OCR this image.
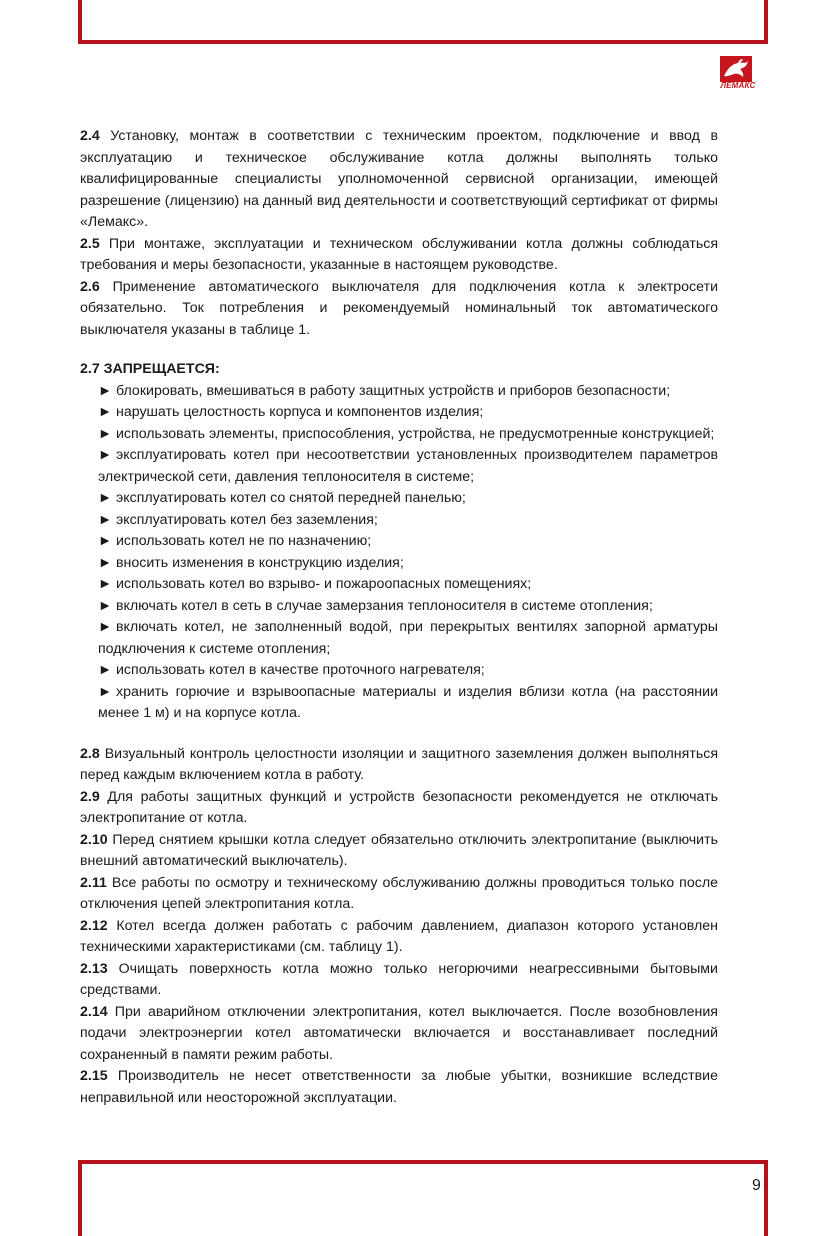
ЛЕМАКС

2.4 Установку, монтаж в соответствии с техническим проектом, подключение и ввод в эксплуатацию и техническое обслуживание котла должны выполнять только квалифицированные специалисты уполномоченной сервисной организации, имеющей разрешение (лицензию) на данный вид деятельности и соответствующий сертификат от фирмы «Лемакс».

2.5 При монтаже, эксплуатации и техническом обслуживании котла должны соблюдаться требования и меры безопасности, указанные в настоящем руководстве.

2.6 Применение автоматического выключателя для подключения котла к электросети обязательно. Ток потребления и рекомендуемый номинальный ток автоматического выключателя указаны в таблице 1.

2.7 ЗАПРЕЩАЕТСЯ:

► блокировать, вмешиваться в работу защитных устройств и приборов безопасности;
► нарушать целостность корпуса и компонентов изделия;
► использовать элементы, приспособления, устройства, не предусмотренные конструкцией;
► эксплуатировать котел при несоответствии установленных производителем параметров электрической сети, давления теплоносителя в системе;
► эксплуатировать котел со снятой передней панелью;
► эксплуатировать котел без заземления;
► использовать котел не по назначению;
► вносить изменения в конструкцию изделия;
► использовать котел во взрыво- и пожароопасных помещениях;
► включать котел в сеть в случае замерзания теплоносителя в системе отопления;
► включать котел, не заполненный водой, при перекрытых вентилях запорной арматуры подключения к системе отопления;
► использовать котел в качестве проточного нагревателя;
► хранить горючие и взрывоопасные материалы и изделия вблизи котла (на расстоянии менее 1 м) и на корпусе котла.

2.8 Визуальный контроль целостности изоляции и защитного заземления должен выполняться перед каждым включением котла в работу.

2.9 Для работы защитных функций и устройств безопасности рекомендуется не отключать электропитание от котла.

2.10 Перед снятием крышки котла следует обязательно отключить электропитание (выключить внешний автоматический выключатель).

2.11 Все работы по осмотру и техническому обслуживанию должны проводиться только после отключения цепей электропитания котла.

2.12 Котел всегда должен работать с рабочим давлением, диапазон которого установлен техническими характеристиками (см. таблицу 1).

2.13 Очищать поверхность котла можно только негорючими неагрессивными бытовыми средствами.

2.14 При аварийном отключении электропитания, котел выключается. После возобновления подачи электроэнергии котел автоматически включается и восстанавливает последний сохраненный в памяти режим работы.

2.15 Производитель не несет ответственности за любые убытки, возникшие вследствие неправильной или неосторожной эксплуатации.

9
